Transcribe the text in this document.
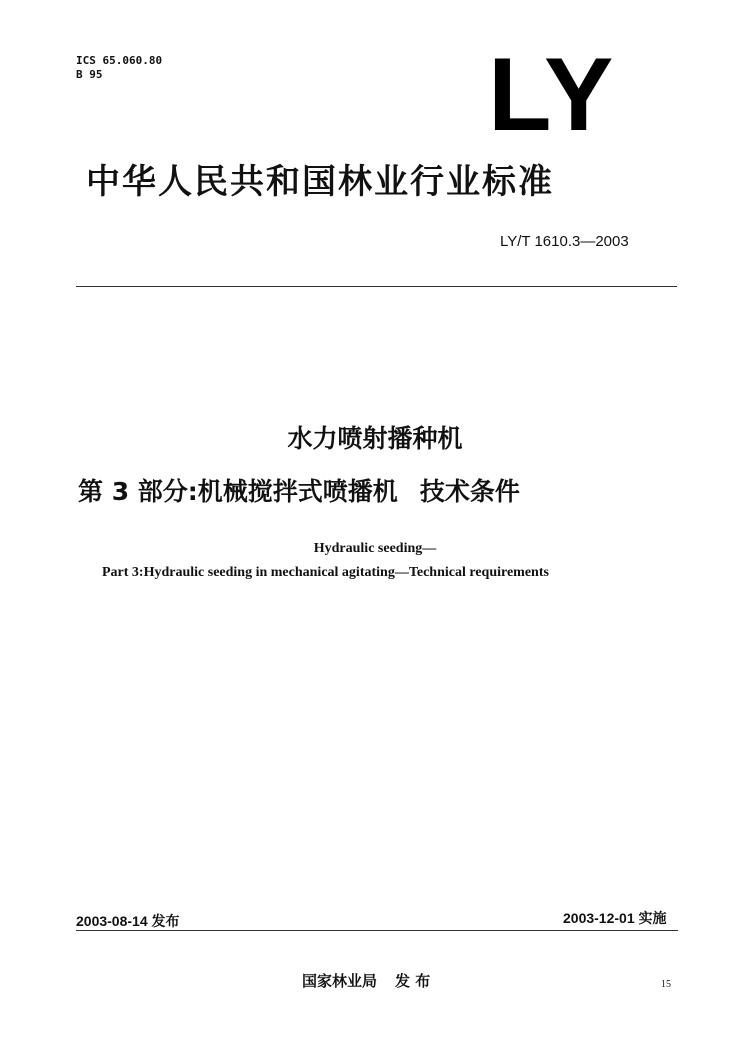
ICS 65.060.80
B 95	LY
中华人民共和国林业行业标准
LY/T 1610.3—2003
水力喷射播种机
第 3 部分:机械搅拌式喷播机 技术条件
Hydraulic seeding—
Part 3:Hydraulic seeding in mechanical agitating—Technical requirements
2003-08-14 发布	2003-12-01 实施
国家林业局 发 布	15
